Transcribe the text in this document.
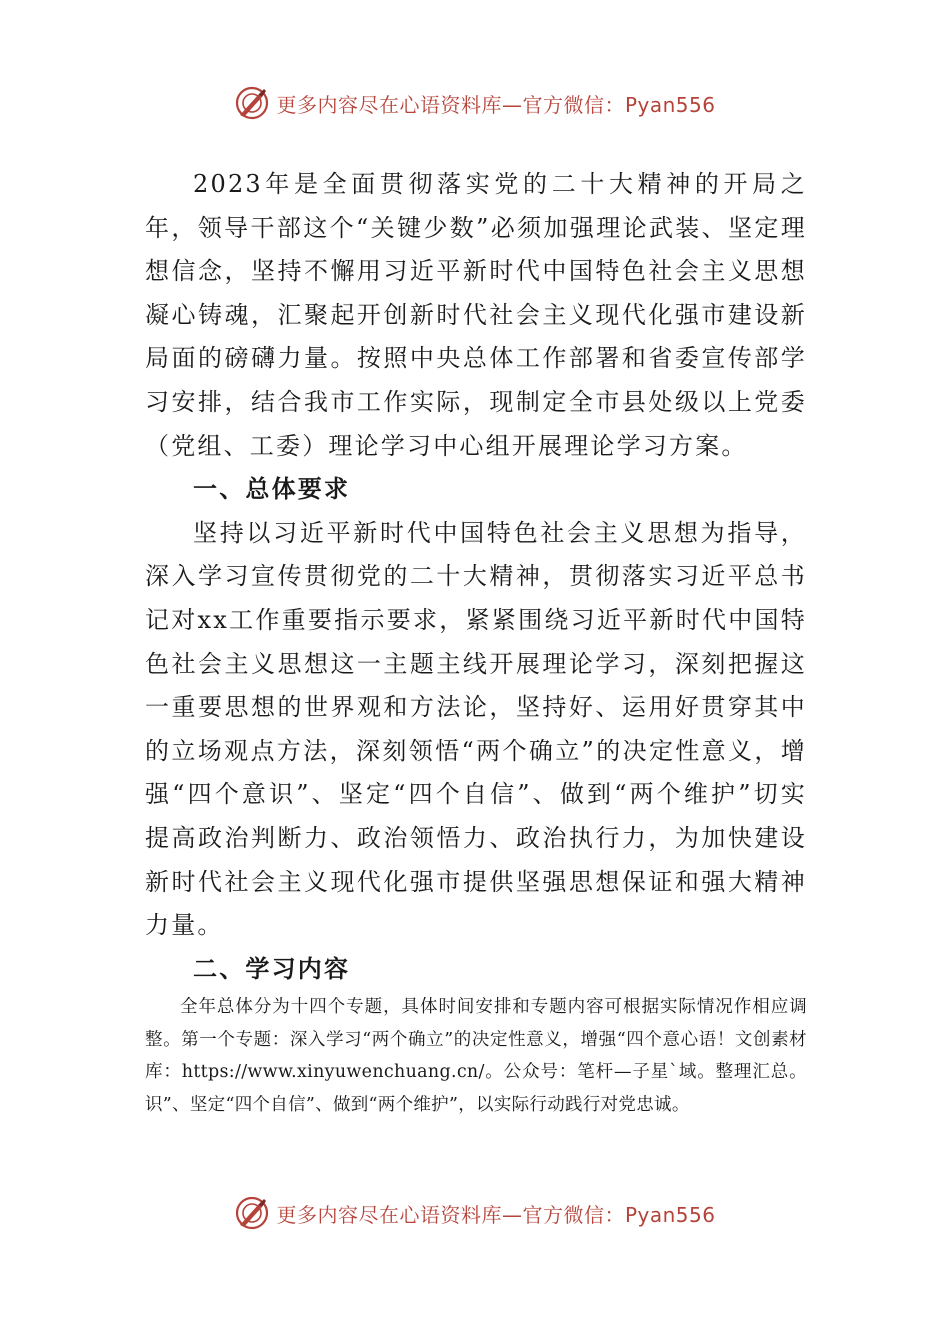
更多内容尽在心语资料库—官方微信：Pyan556

2023年是全面贯彻落实党的二十大精神的开局之年，领导干部这个“关键少数”必须加强理论武装、坚定理想信念，坚持不懈用习近平新时代中国特色社会主义思想凝心铸魂，汇聚起开创新时代社会主义现代化强市建设新局面的磅礴力量。按照中央总体工作部署和省委宣传部学习安排，结合我市工作实际，现制定全市县处级以上党委（党组、工委）理论学习中心组开展理论学习方案。

一、总体要求

坚持以习近平新时代中国特色社会主义思想为指导，深入学习宣传贯彻党的二十大精神，贯彻落实习近平总书记对xx工作重要指示要求，紧紧围绕习近平新时代中国特色社会主义思想这一主题主线开展理论学习，深刻把握这一重要思想的世界观和方法论，坚持好、运用好贯穿其中的立场观点方法，深刻领悟“两个确立”的决定性意义，增强“四个意识”、坚定“四个自信”、做到“两个维护”切实提高政治判断力、政治领悟力、政治执行力，为加快建设新时代社会主义现代化强市提供坚强思想保证和强大精神力量。

二、学习内容

全年总体分为十四个专题，具体时间安排和专题内容可根据实际情况作相应调整。第一个专题：深入学习“两个确立”的决定性意义，增强“四个意心语！文创素材库：https://www.xinyuwenchuang.cn/。公众号：笔杆—子星`域。整理汇总。识”、坚定“四个自信”、做到“两个维护”，以实际行动践行对党忠诚。

更多内容尽在心语资料库—官方微信：Pyan556
